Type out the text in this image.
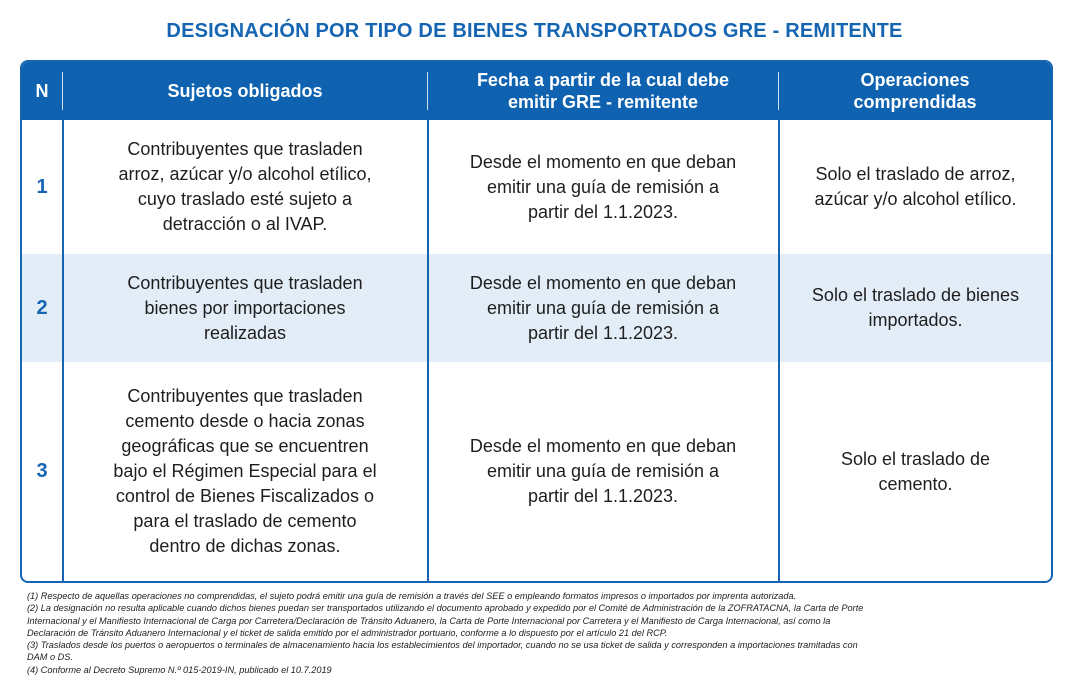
DESIGNACIÓN POR TIPO DE BIENES TRANSPORTADOS GRE - REMITENTE
N	Sujetos obligados
Fecha a partir de la cual debe
emitir GRE - remitente
Operaciones
comprendidas
1
Contribuyentes que trasladen
arroz, azúcar y/o alcohol etílico,
cuyo traslado esté sujeto a
detracción o al IVAP.
Desde el momento en que deban
emitir una guía de remisión a
partir del 1.1.2023.
Solo el traslado de arroz,
azúcar y/o alcohol etílico.
2
Contribuyentes que trasladen
bienes por importaciones
realizadas
Desde el momento en que deban
emitir una guía de remisión a
partir del 1.1.2023.
Solo el traslado de bienes
importados.
3
Contribuyentes que trasladen
cemento desde o hacia zonas
geográficas que se encuentren
bajo el Régimen Especial para el
control de Bienes Fiscalizados o
para el traslado de cemento
dentro de dichas zonas.
Desde el momento en que deban
emitir una guía de remisión a
partir del 1.1.2023.
Solo el traslado de
cemento.
(1) Respecto de aquellas operaciones no comprendidas, el sujeto podrá emitir una guía de remisión a través del SEE o empleando formatos impresos o importados por imprenta autorizada.
(2) La designación no resulta aplicable cuando dichos bienes puedan ser transportados utilizando el documento aprobado y expedido por el Comité de Administración de la ZOFRATACNA, la Carta de Porte
Internacional y el Manifiesto Internacional de Carga por Carretera/Declaración de Tránsito Aduanero, la Carta de Porte Internacional por Carretera y el Manifiesto de Carga Internacional, así como la
Declaración de Tránsito Aduanero Internacional y el ticket de salida emitido por el administrador portuario, conforme a lo dispuesto por el artículo 21 del RCP.
(3) Traslados desde los puertos o aeropuertos o terminales de almacenamiento hacia los establecimientos del importador, cuando no se usa ticket de salida y corresponden a importaciones tramitadas con
DAM o DS.
(4) Conforme al Decreto Supremo N.º 015-2019-IN, publicado el 10.7.2019
